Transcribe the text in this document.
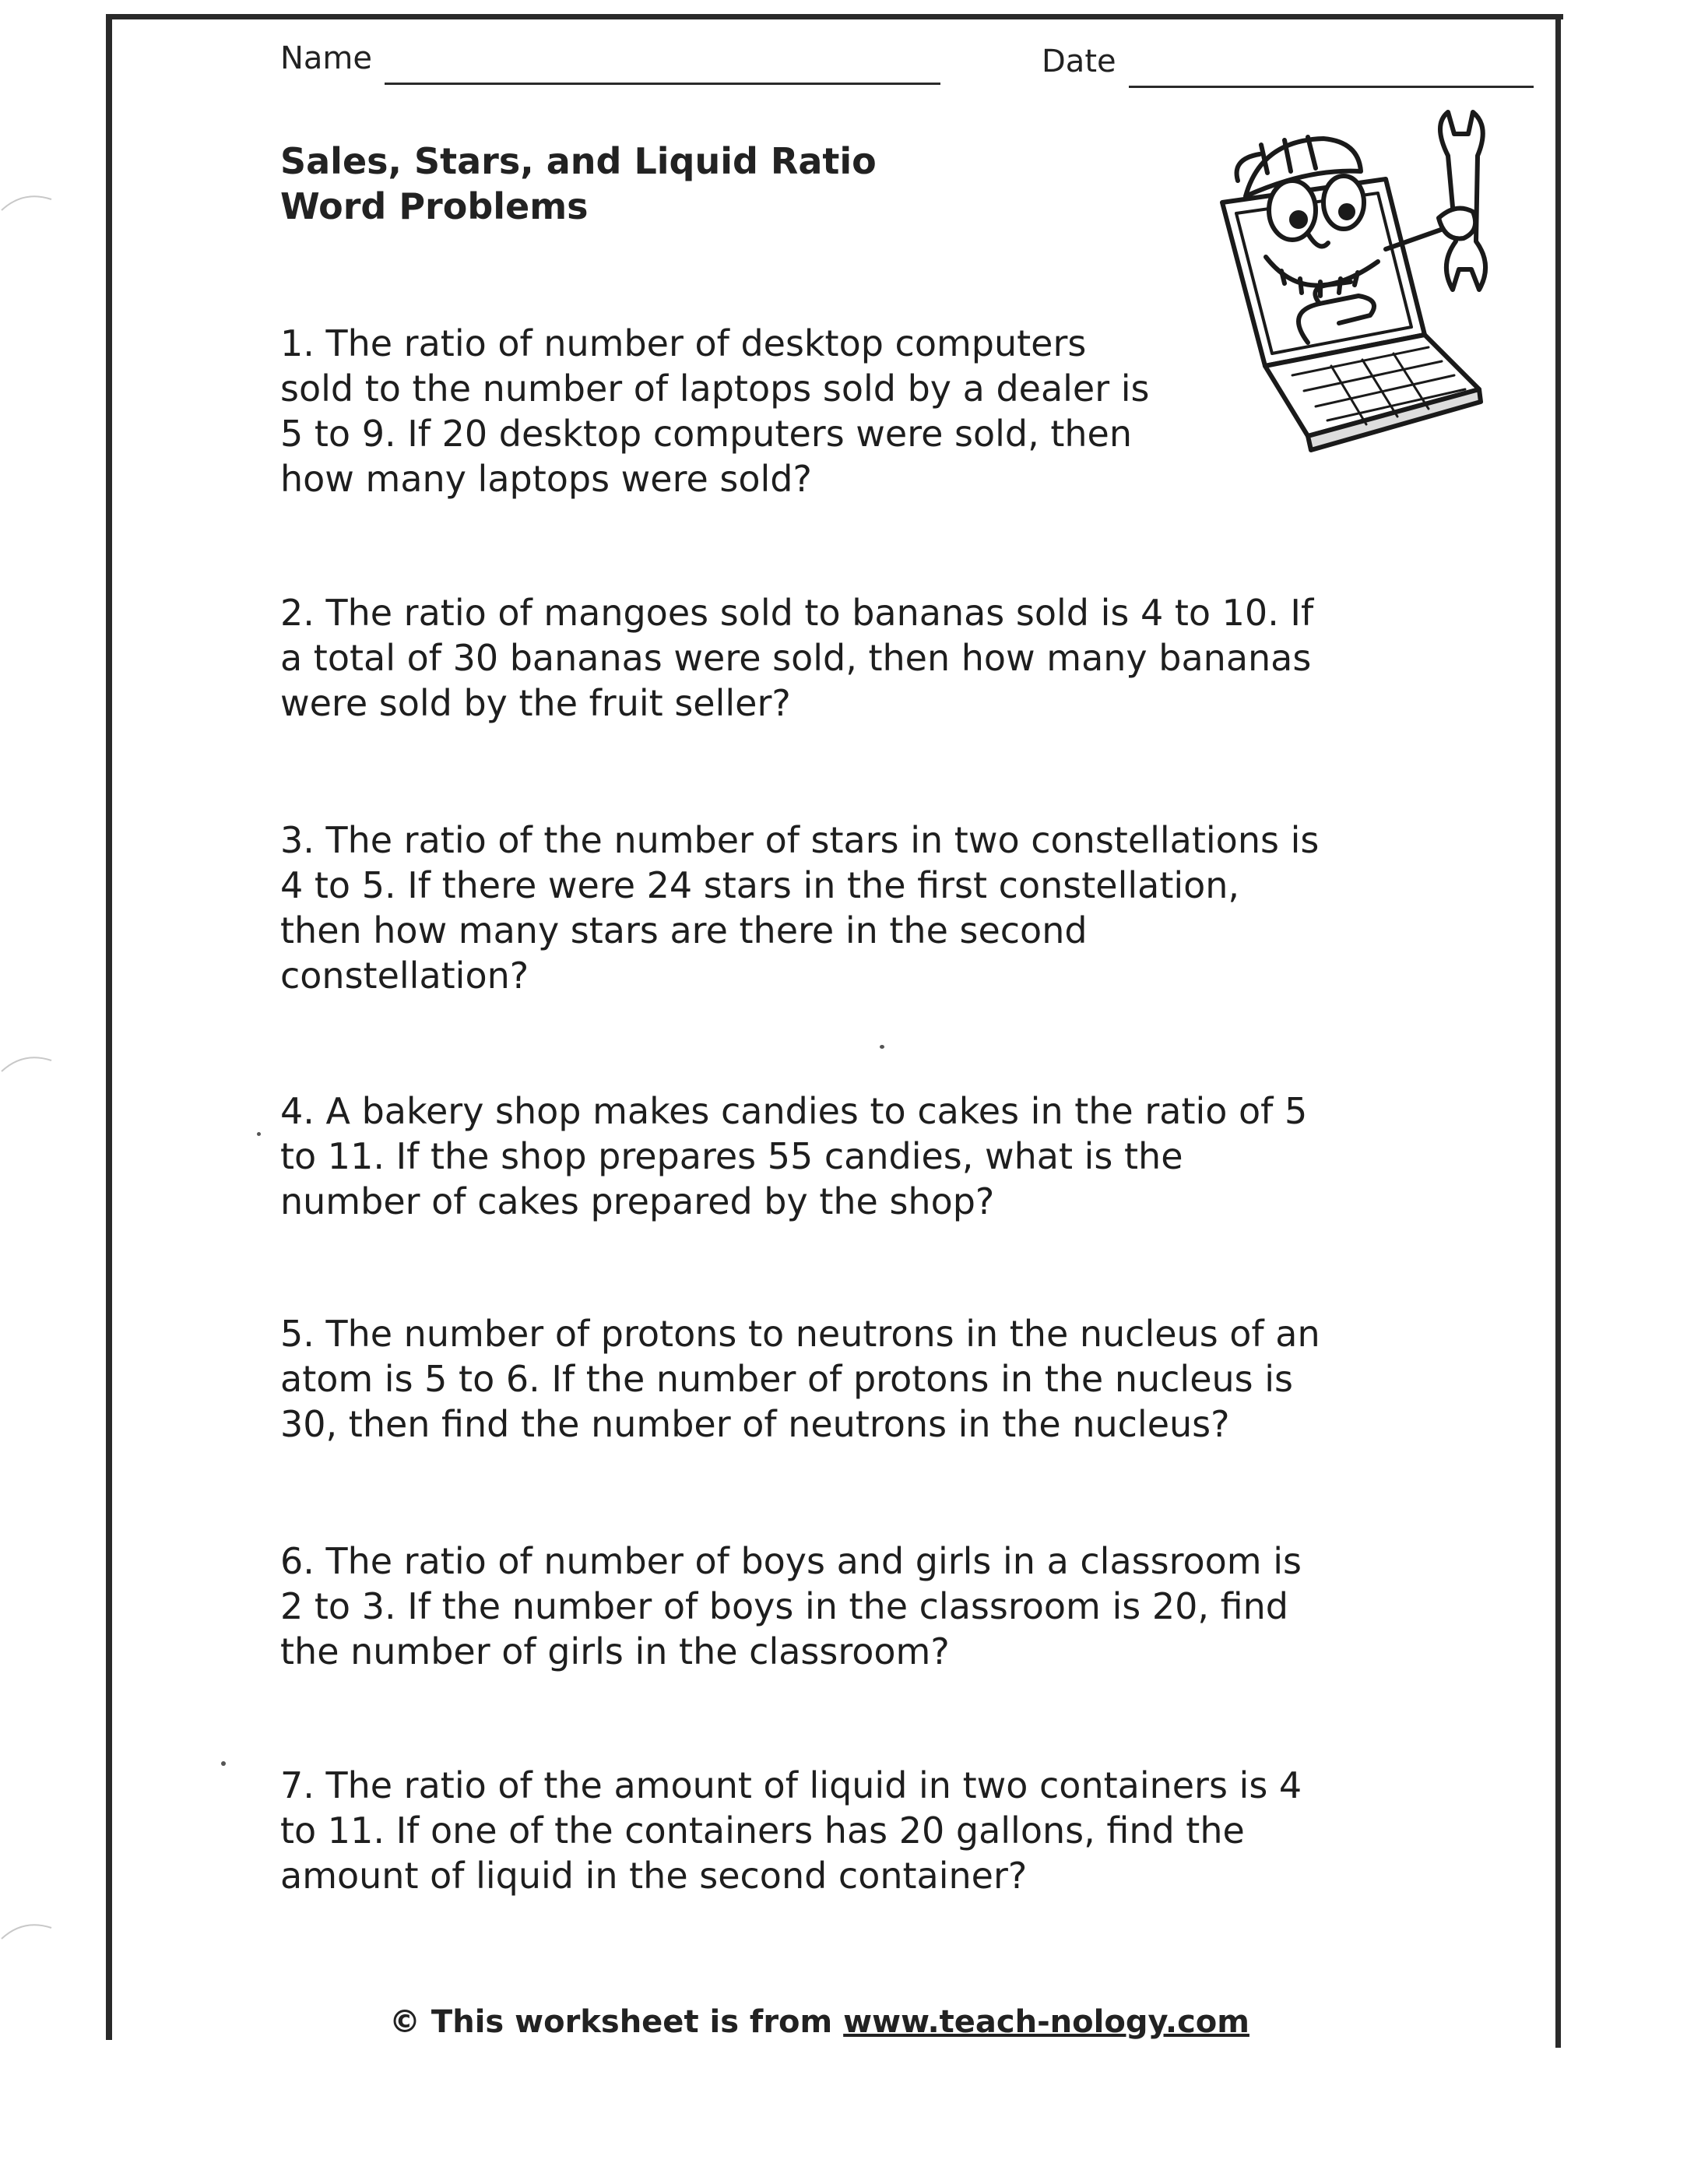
Name	Date
Sales, Stars, and Liquid Ratio
Word Problems
1. The ratio of number of desktop computers
sold to the number of laptops sold by a dealer is
5 to 9. If 20 desktop computers were sold, then
how many laptops were sold?
2. The ratio of mangoes sold to bananas sold is 4 to 10. If
a total of 30 bananas were sold, then how many bananas
were sold by the fruit seller?
3. The ratio of the number of stars in two constellations is
4 to 5. If there were 24 stars in the first constellation,
then how many stars are there in the second
constellation?
4. A bakery shop makes candies to cakes in the ratio of 5
to 11. If the shop prepares 55 candies, what is the
number of cakes prepared by the shop?
5. The number of protons to neutrons in the nucleus of an
atom is 5 to 6. If the number of protons in the nucleus is
30, then find the number of neutrons in the nucleus?
6. The ratio of number of boys and girls in a classroom is
2 to 3. If the number of boys in the classroom is 20, find
the number of girls in the classroom?
7. The ratio of the amount of liquid in two containers is 4
to 11. If one of the containers has 20 gallons, find the
amount of liquid in the second container?
© This worksheet is from www.teach-nology.com
